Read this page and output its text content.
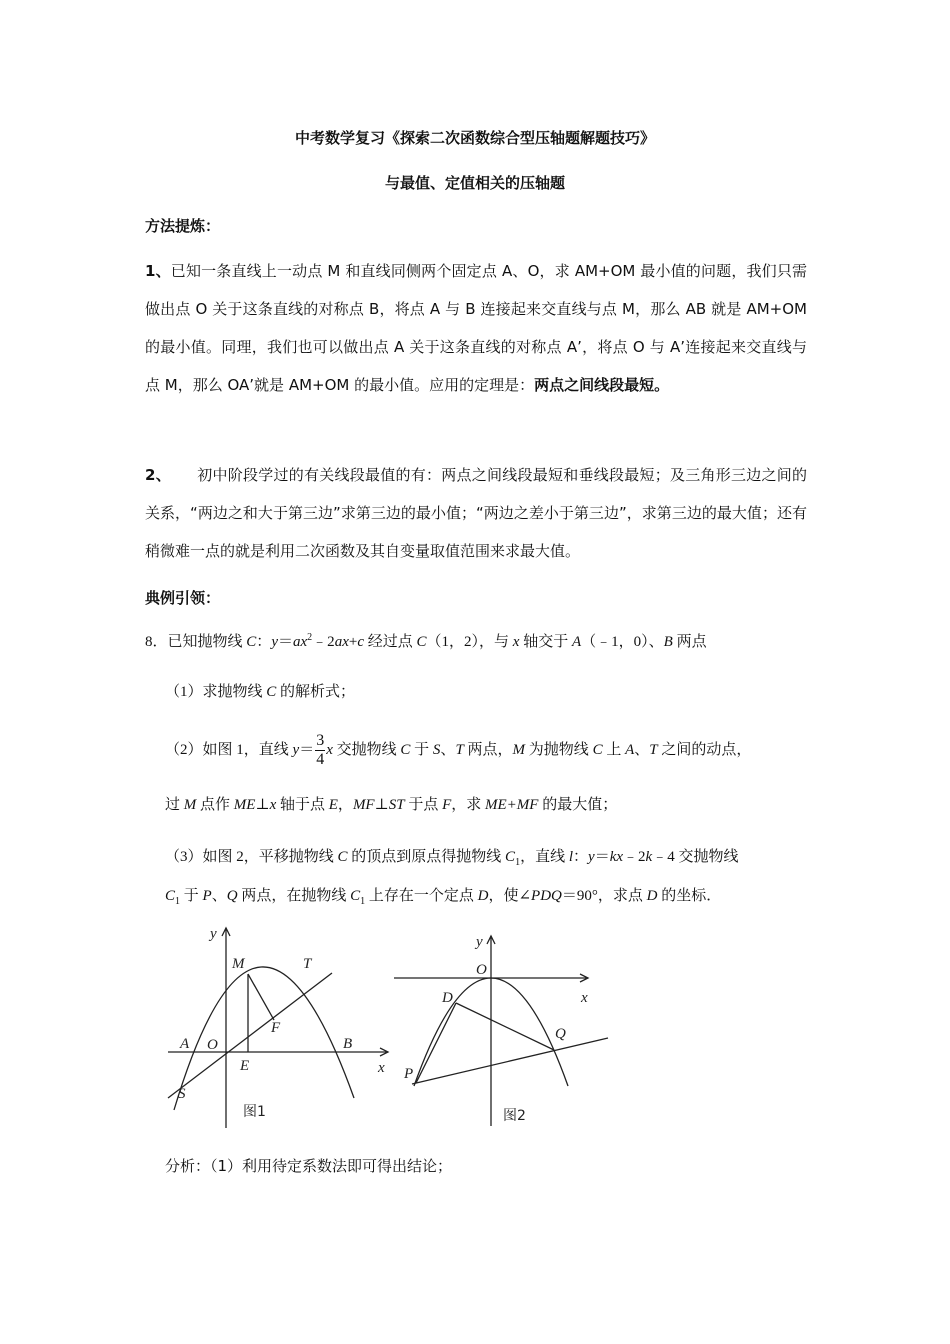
中考数学复习《探索二次函数综合型压轴题解题技巧》
与最值、定值相关的压轴题
方法提炼：
1、已知一条直线上一动点 M 和直线同侧两个固定点 A、O，求 AM+OM 最小值的问题，我们只需做出点 O 关于这条直线的对称点 B，将点 A 与 B 连接起来交直线与点 M，那么 AB 就是 AM+OM 的最小值。同理，我们也可以做出点 A 关于这条直线的对称点 A’，将点 O 与 A’连接起来交直线与点 M，那么 OA’就是 AM+OM 的最小值。应用的定理是：两点之间线段最短。
2、 初中阶段学过的有关线段最值的有：两点之间线段最短和垂线段最短；及三角形三边之间的关系，“两边之和大于第三边”求第三边的最小值；“两边之差小于第三边”，求第三边的最大值；还有稍微难一点的就是利用二次函数及其自变量取值范围来求最大值。
典例引领：
8．已知抛物线 C：$y=ax^2﹣2ax+c$ 经过点 C（1，2），与 x 轴交于 A（﹣1，0）、B 两点
（1）求抛物线 C 的解析式；
（2）如图 1，直线 $y= \frac{3}{4}$ x 交抛物线 C 于 S、T 两点，M 为抛物线 C 上 A、T 之间的动点，
过 M 点作 ME⊥x 轴于点 E，MF⊥ST 于点 F，求 ME+MF 的最大值；
（3）如图 2，平移抛物线 C 的顶点到原点得抛物线 $C_1$，直线 l：y＝kx﹣2k﹣4 交抛物线
$C_1$ 于 P、Q 两点，在抛物线 $C_1$ 上存在一个定点 D，使∠PDQ＝90°，求点 D 的坐标．
y
M	T
F
A O
E
B
x
S
图1
y
O
x
D
Q
P
图2
分析：（1）利用待定系数法即可得出结论；
